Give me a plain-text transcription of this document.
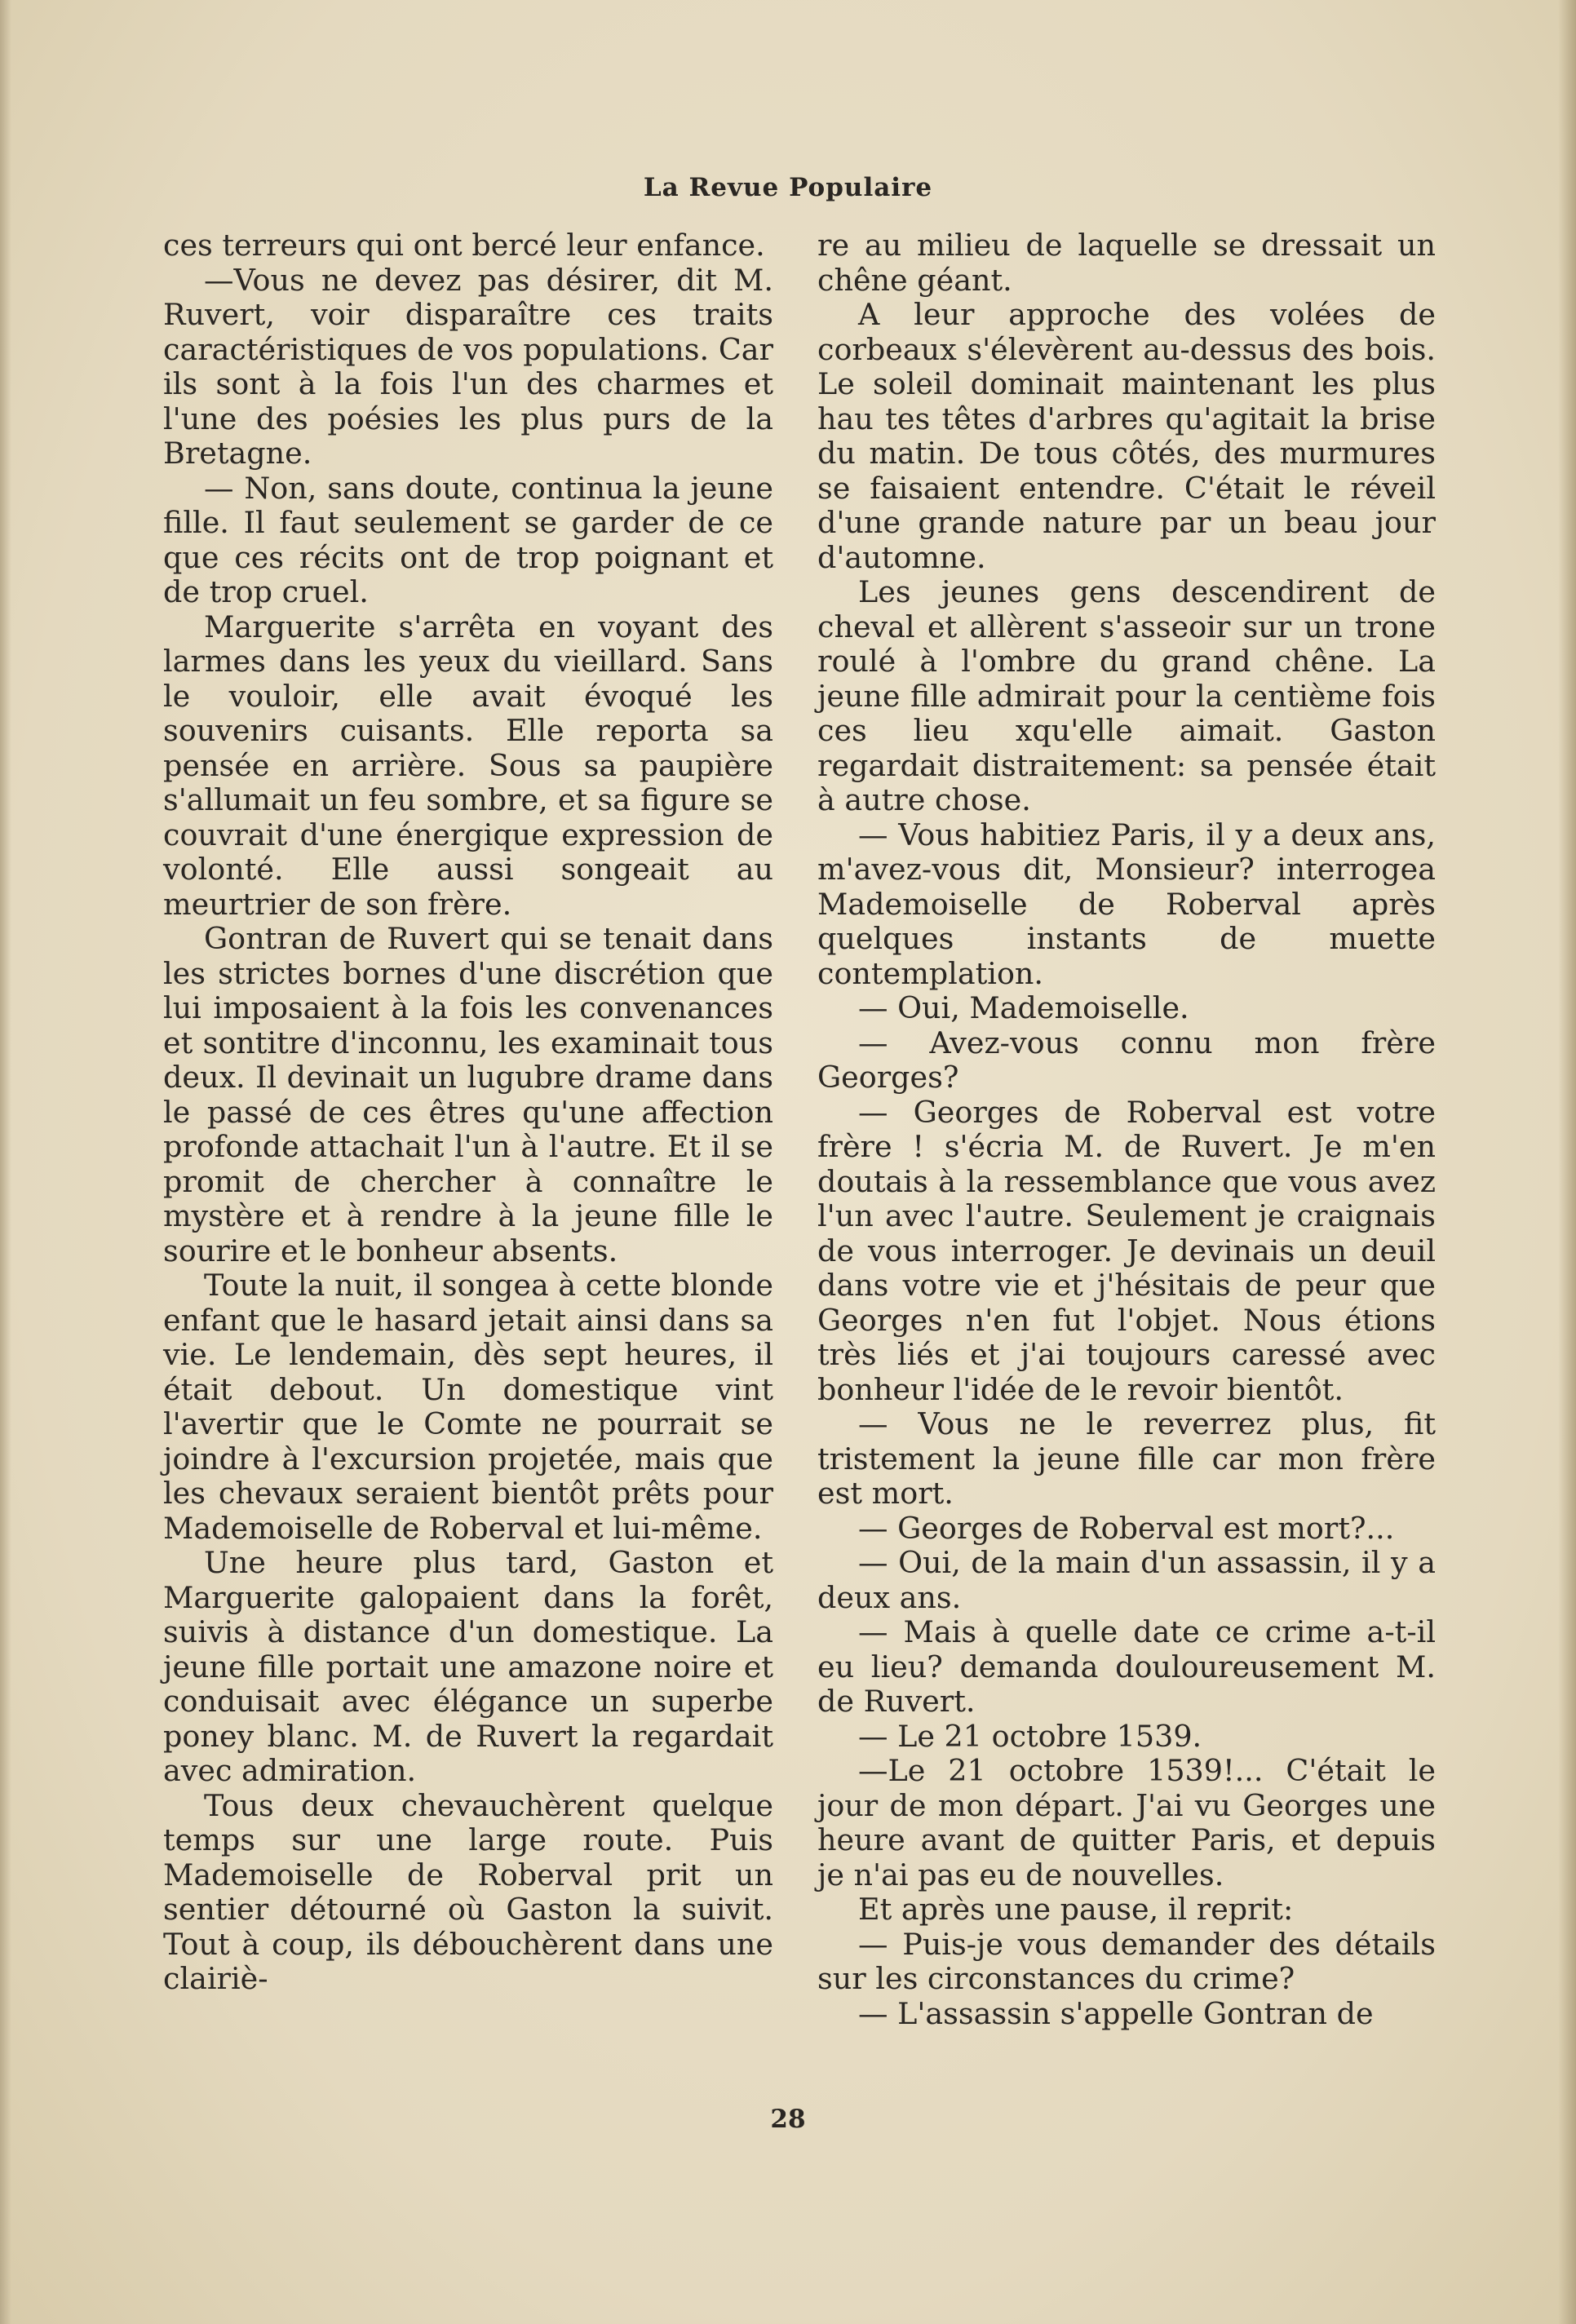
La Revue Populaire

ces terreurs qui ont bercé leur enfance.

—Vous ne devez pas désirer, dit M. Ruvert, voir disparaître ces traits caractéristiques de vos populations. Car ils sont à la fois l'un des charmes et l'une des poésies les plus purs de la Bretagne.

— Non, sans doute, continua la jeune fille. Il faut seulement se garder de ce que ces récits ont de trop poignant et de trop cruel.

Marguerite s'arrêta en voyant des larmes dans les yeux du vieillard. Sans le vouloir, elle avait évoqué les souvenirs cuisants. Elle reporta sa pensée en arrière. Sous sa paupière s'allumait un feu sombre, et sa figure se couvrait d'une énergique expression de volonté. Elle aussi songeait au meurtrier de son frère.

Gontran de Ruvert qui se tenait dans les strictes bornes d'une discrétion que lui imposaient à la fois les convenances et sontitre d'inconnu, les examinait tous deux. Il devinait un lugubre drame dans le passé de ces êtres qu'une affection profonde attachait l'un à l'autre. Et il se promit de chercher à connaître le mystère et à rendre à la jeune fille le sourire et le bonheur absents.

Toute la nuit, il songea à cette blonde enfant que le hasard jetait ainsi dans sa vie. Le lendemain, dès sept heures, il était debout. Un domestique vint l'avertir que le Comte ne pourrait se joindre à l'excursion projetée, mais que les chevaux seraient bientôt prêts pour Mademoiselle de Roberval et lui-même.

Une heure plus tard, Gaston et Marguerite galopaient dans la forêt, suivis à distance d'un domestique. La jeune fille portait une amazone noire et conduisait avec élégance un superbe poney blanc. M. de Ruvert la regardait avec admiration.

Tous deux chevauchèrent quelque temps sur une large route. Puis Mademoiselle de Roberval prit un sentier détourné où Gaston la suivit. Tout à coup, ils débouchèrent dans une clairiè-

re au milieu de laquelle se dressait un chêne géant.

A leur approche des volées de corbeaux s'élevèrent au-dessus des bois. Le soleil dominait maintenant les plus hau tes têtes d'arbres qu'agitait la brise du matin. De tous côtés, des murmures se faisaient entendre. C'était le réveil d'une grande nature par un beau jour d'automne.

Les jeunes gens descendirent de cheval et allèrent s'asseoir sur un trone roulé à l'ombre du grand chêne. La jeune fille admirait pour la centième fois ces lieu xqu'elle aimait. Gaston regardait distraitement: sa pensée était à autre chose.

— Vous habitiez Paris, il y a deux ans, m'avez-vous dit, Monsieur? interrogea Mademoiselle de Roberval après quelques instants de muette contemplation.

— Oui, Mademoiselle.

— Avez-vous connu mon frère Georges?

— Georges de Roberval est votre frère ! s'écria M. de Ruvert. Je m'en doutais à la ressemblance que vous avez l'un avec l'autre. Seulement je craignais de vous interroger. Je devinais un deuil dans votre vie et j'hésitais de peur que Georges n'en fut l'objet. Nous étions très liés et j'ai toujours caressé avec bonheur l'idée de le revoir bientôt.

— Vous ne le reverrez plus, fit tristement la jeune fille car mon frère est mort.

— Georges de Roberval est mort?...

— Oui, de la main d'un assassin, il y a deux ans.

— Mais à quelle date ce crime a-t-il eu lieu? demanda douloureusement M. de Ruvert.

— Le 21 octobre 1539.

—Le 21 octobre 1539!... C'était le jour de mon départ. J'ai vu Georges une heure avant de quitter Paris, et depuis je n'ai pas eu de nouvelles.

Et après une pause, il reprit:

— Puis-je vous demander des détails sur les circonstances du crime?

— L'assassin s'appelle Gontran de

28
